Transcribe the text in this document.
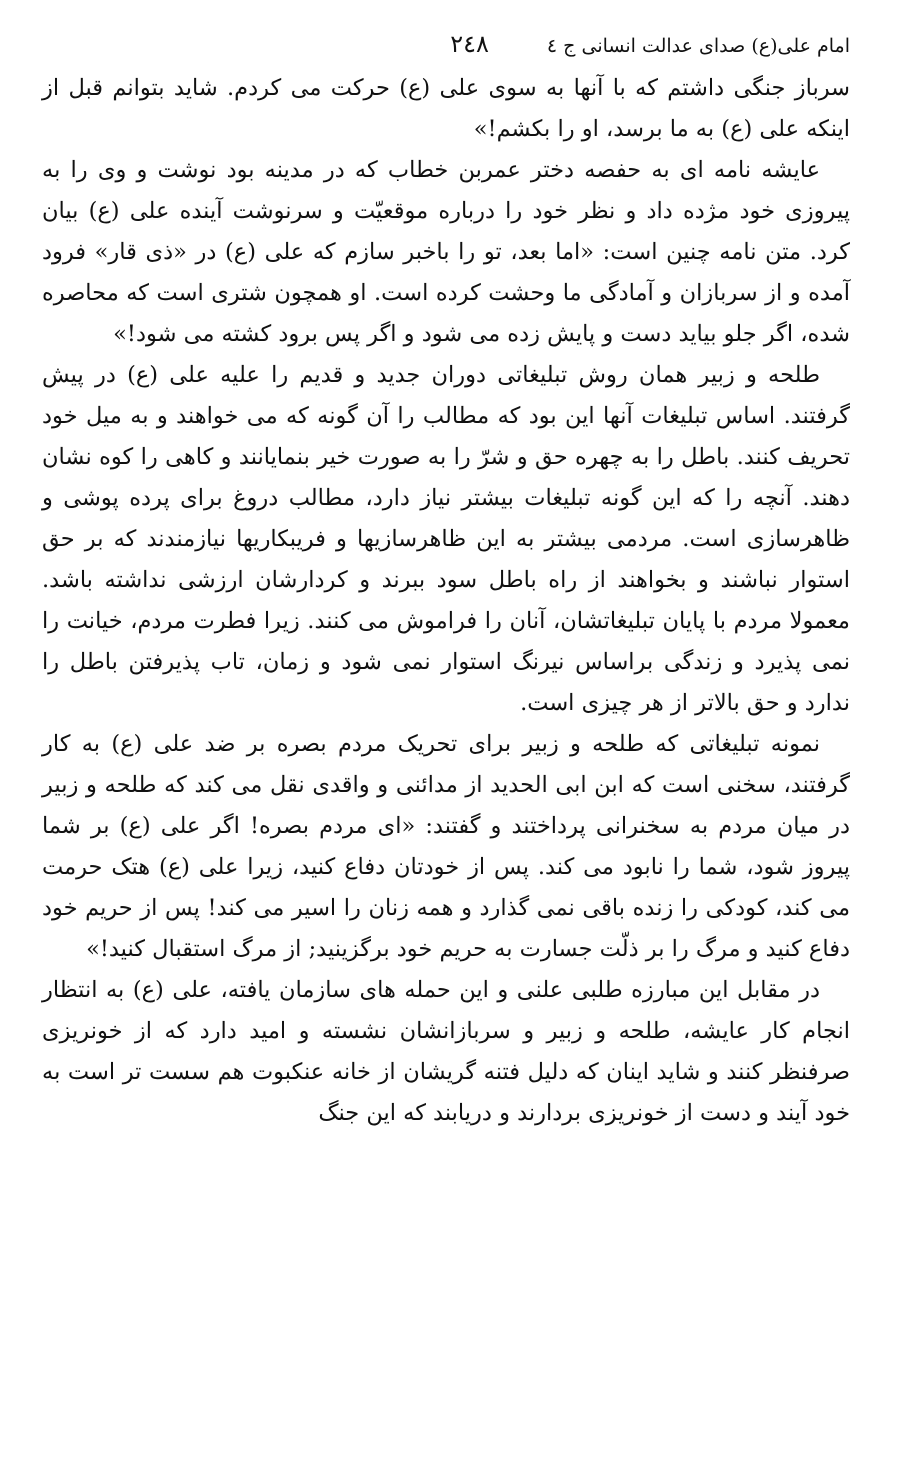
امام علی(ع) صدای عدالت انسانی ج ٤
٢٤٨

سرباز جنگی داشتم که با آنها به سوی علی (ع) حرکت می کردم. شاید بتوانم قبل از اینکه علی (ع) به ما برسد، او را بکشم!»

عایشه نامه ای به حفصه دختر عمربن خطاب که در مدینه بود نوشت و وی را به پیروزی خود مژده داد و نظر خود را درباره موقعیّت و سرنوشت آینده علی (ع) بیان کرد. متن نامه چنین است: «اما بعد، تو را باخبر سازم که علی (ع) در «ذی قار» فرود آمده و از سربازان و آمادگی ما وحشت کرده است. او همچون شتری است که محاصره شده، اگر جلو بیاید دست و پایش زده می شود و اگر پس برود کشته می شود!»

طلحه و زبیر همان روش تبلیغاتی دوران جدید و قدیم را علیه علی (ع) در پیش گرفتند. اساس تبلیغات آنها این بود که مطالب را آن گونه که می خواهند و به میل خود تحریف کنند. باطل را به چهره حق و شرّ را به صورت خیر بنمایانند و کاهی را کوه نشان دهند. آنچه را که این گونه تبلیغات بیشتر نیاز دارد، مطالب دروغ برای پرده پوشی و ظاهرسازی است. مردمی بیشتر به این ظاهرسازیها و فریبکاریها نیازمندند که بر حق استوار نباشند و بخواهند از راه باطل سود ببرند و کردارشان ارزشی نداشته باشد. معمولا مردم با پایان تبلیغاتشان، آنان را فراموش می کنند. زیرا فطرت مردم، خیانت را نمی پذیرد و زندگی براساس نیرنگ استوار نمی شود و زمان، تاب پذیرفتن باطل را ندارد و حق بالاتر از هر چیزی است.

نمونه تبلیغاتی که طلحه و زبیر برای تحریک مردم بصره بر ضد علی (ع) به کار گرفتند، سخنی است که ابن ابی الحدید از مدائنی و واقدی نقل می کند که طلحه و زبیر در میان مردم به سخنرانی پرداختند و گفتند: «ای مردم بصره! اگر علی (ع) بر شما پیروز شود، شما را نابود می کند. پس از خودتان دفاع کنید، زیرا علی (ع) هتک حرمت می کند، کودکی را زنده باقی نمی گذارد و همه زنان را اسیر می کند! پس از حریم خود دفاع کنید و مرگ را بر ذلّت جسارت به حریم خود برگزینید; از مرگ استقبال کنید!»

در مقابل این مبارزه طلبی علنی و این حمله های سازمان یافته، علی (ع) به انتظار انجام کار عایشه، طلحه و زبیر و سربازانشان نشسته و امید دارد که از خونریزی صرفنظر کنند و شاید اینان که دلیل فتنه گریشان از خانه عنکبوت هم سست تر است به خود آیند و دست از خونریزی بردارند و دریابند که این جنگ
